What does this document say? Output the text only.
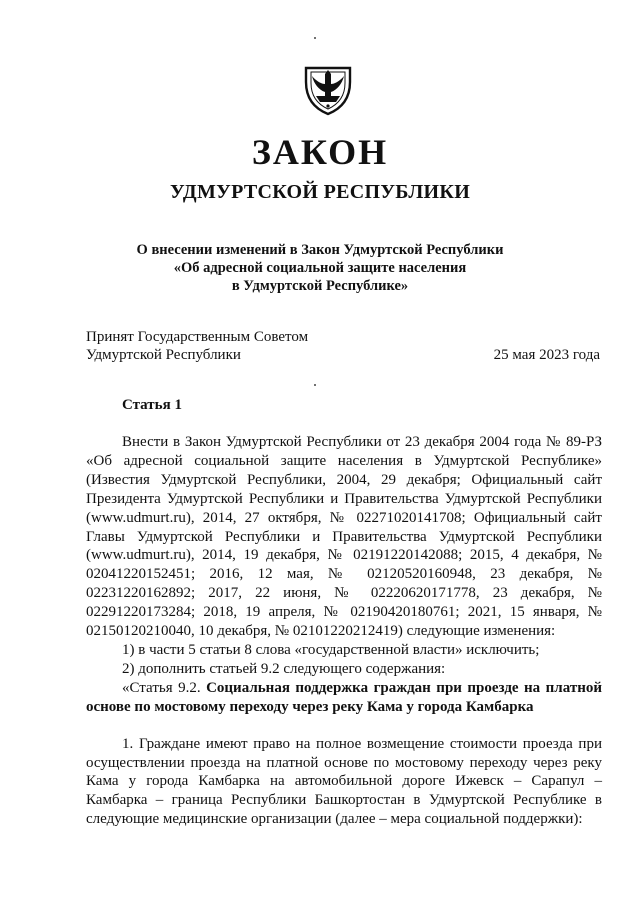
ЗАКОН
УДМУРТСКОЙ РЕСПУБЛИКИ
О внесении изменений в Закон Удмуртской Республики
«Об адресной социальной защите населения
в Удмуртской Республике»
Принят Государственным Советом
Удмуртской Республики	25 мая 2023 года
Статья 1

Внести в Закон Удмуртской Республики от 23 декабря 2004 года № 89-РЗ «Об адресной социальной защите населения в Удмуртской Республике» (Известия Удмуртской Республики, 2004, 29 декабря; Официальный сайт Президента Удмуртской Республики и Правительства Удмуртской Республики (www.udmurt.ru), 2014, 27 октября, № 02271020141708; Официальный сайт Главы Удмуртской Республики и Правительства Удмуртской Республики (www.udmurt.ru), 2014, 19 декабря, № 02191220142088; 2015, 4 декабря, № 02041220152451; 2016, 12 мая, № 02120520160948, 23 декабря, № 02231220162892; 2017, 22 июня, № 02220620171778, 23 декабря, № 02291220173284; 2018, 19 апреля, № 02190420180761; 2021, 15 января, № 02150120210040, 10 декабря, № 02101220212419) следующие изменения:

1) в части 5 статьи 8 слова «государственной власти» исключить;

2) дополнить статьей 9.2 следующего содержания:

«Статья 9.2. Социальная поддержка граждан при проезде на платной основе по мостовому переходу через реку Кама у города Камбарка

1. Граждане имеют право на полное возмещение стоимости проезда при осуществлении проезда на платной основе по мостовому переходу через реку Кама у города Камбарка на автомобильной дороге Ижевск – Сарапул – Камбарка – граница Республики Башкортостан в Удмуртской Республике в следующие медицинские организации (далее – мера социальной поддержки):
